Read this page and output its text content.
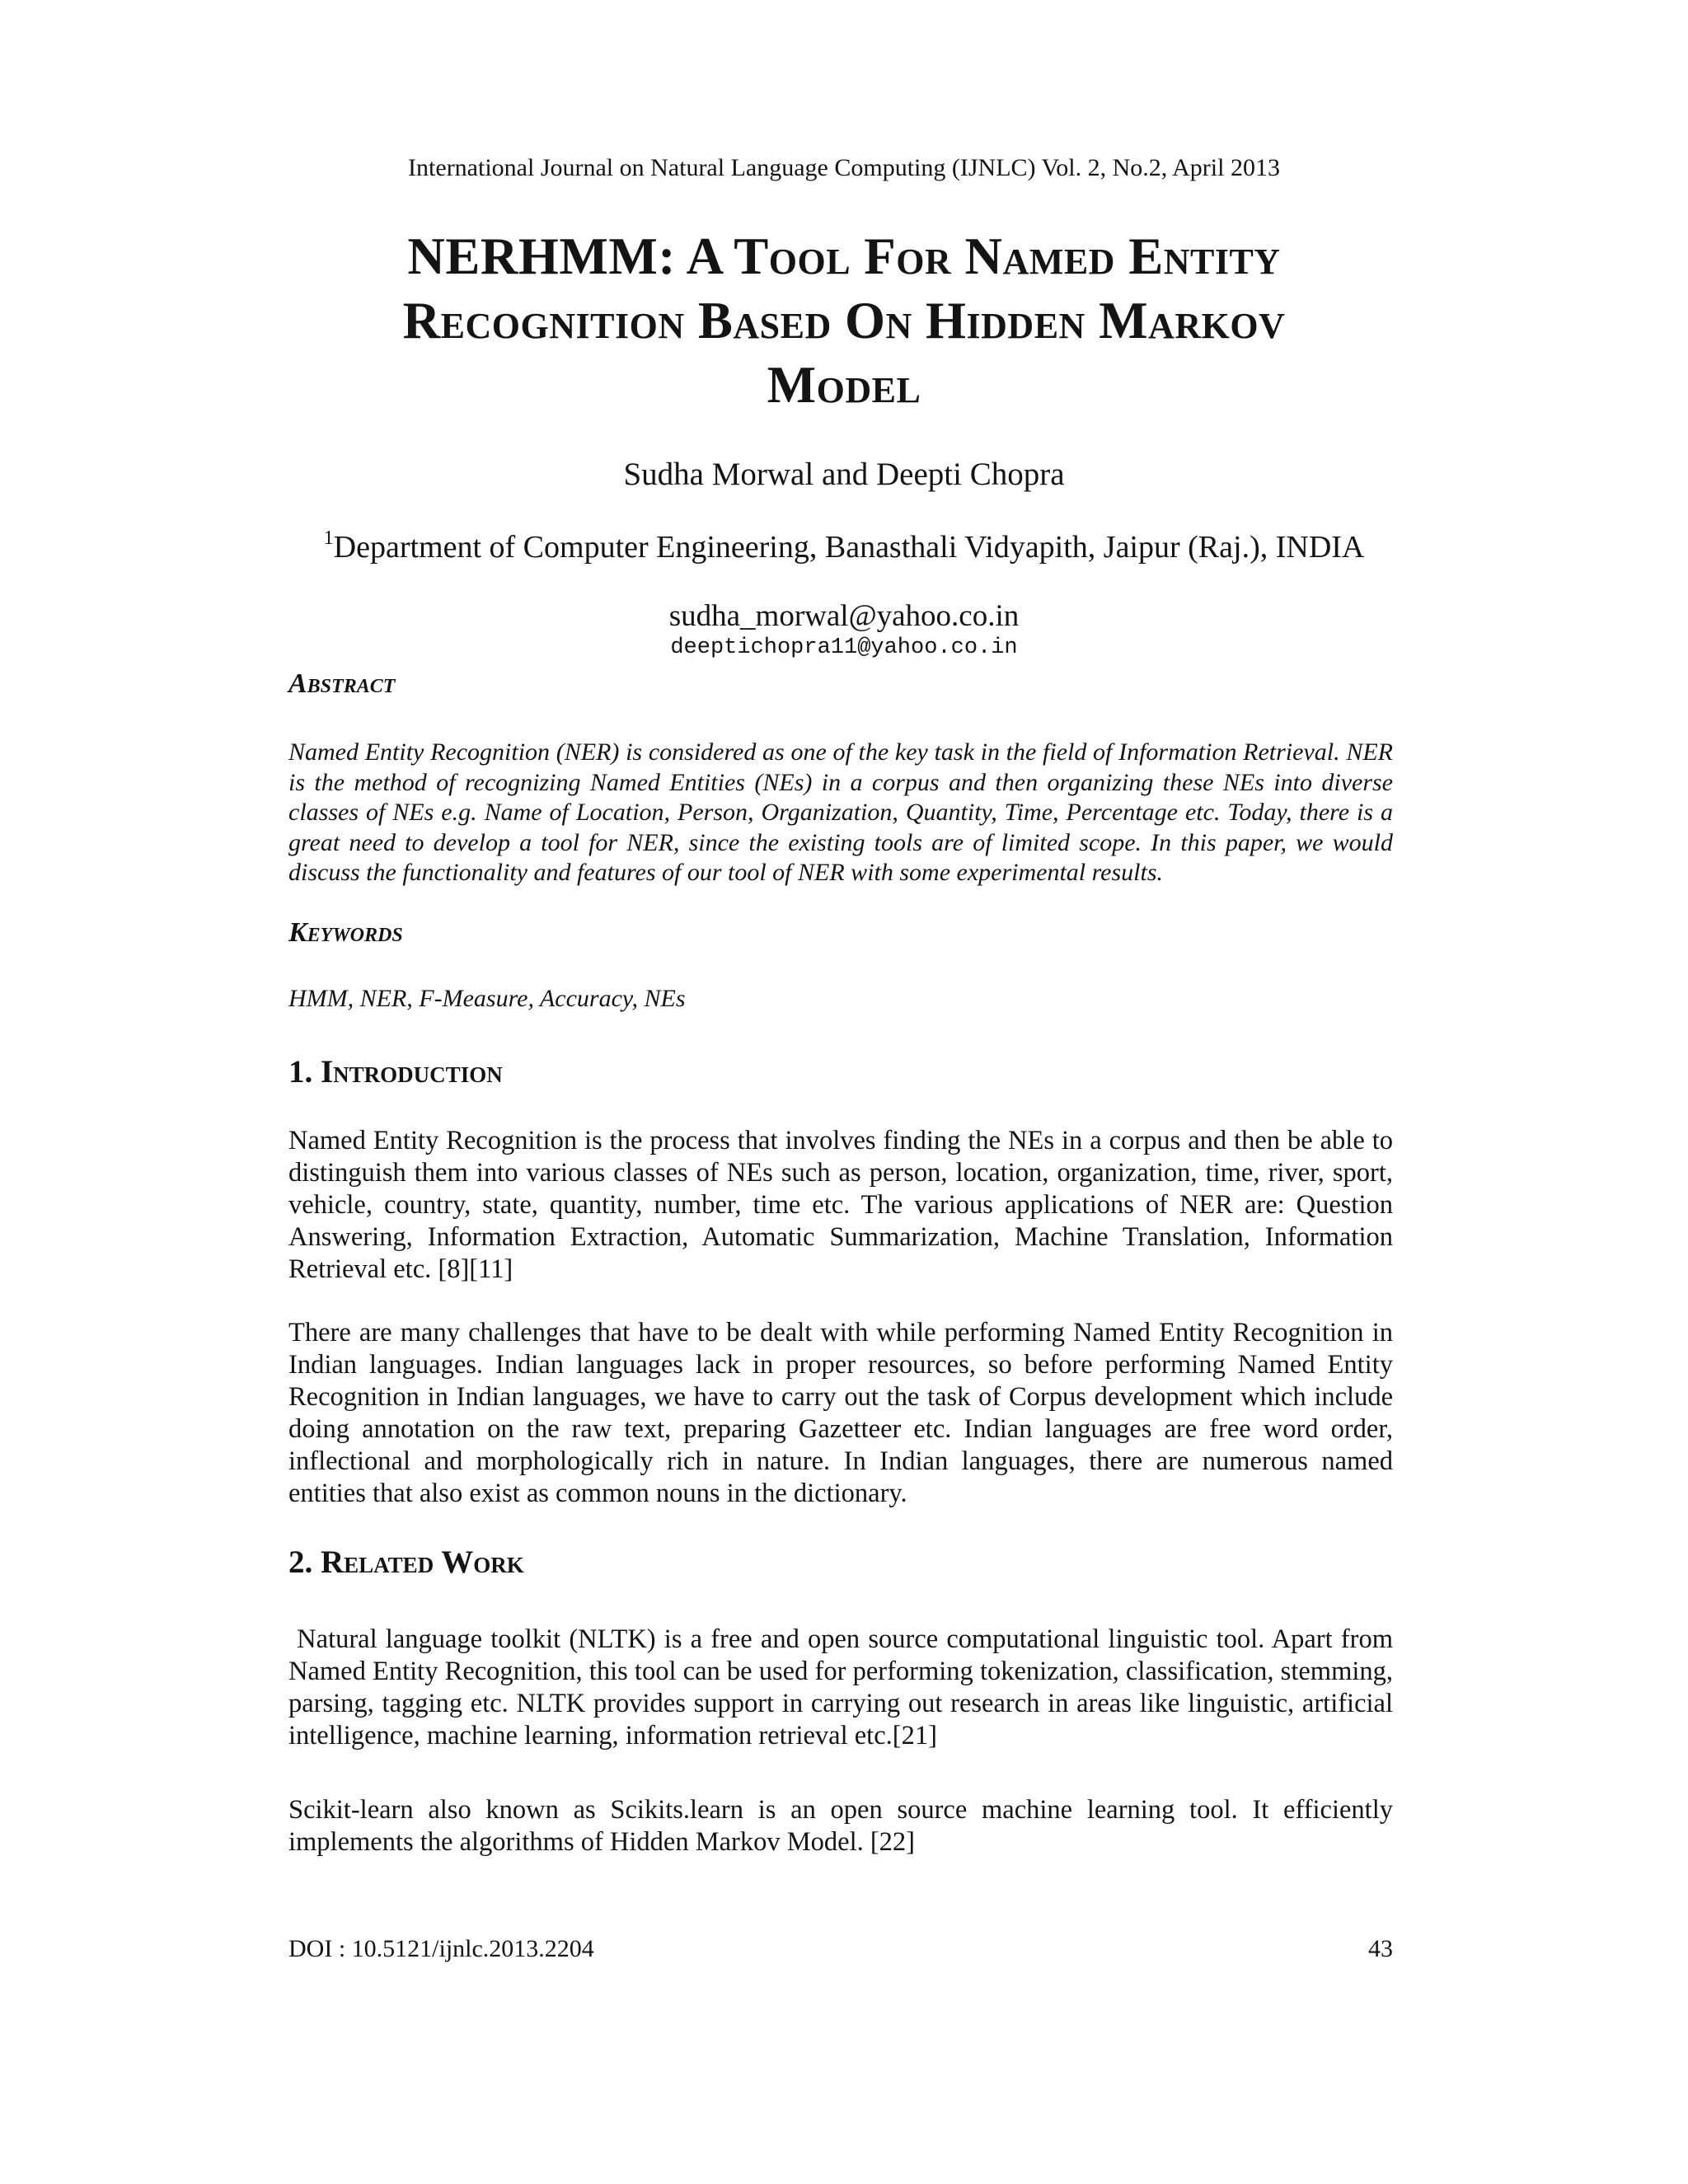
International Journal on Natural Language Computing (IJNLC) Vol. 2, No.2, April 2013
NERHMM: A Tool For Named Entity
Recognition Based On Hidden Markov
Model
Sudha Morwal and Deepti Chopra
$^1$Department of Computer Engineering, Banasthali Vidyapith, Jaipur (Raj.), INDIA
sudha_morwal@yahoo.co.in
deeptichopra11@yahoo.co.in
Abstract
Named Entity Recognition (NER) is considered as one of the key task in the field of Information Retrieval. NER is the method of recognizing Named Entities (NEs) in a corpus and then organizing these NEs into diverse classes of NEs e.g. Name of Location, Person, Organization, Quantity, Time, Percentage etc. Today, there is a great need to develop a tool for NER, since the existing tools are of limited scope. In this paper, we would discuss the functionality and features of our tool of NER with some experimental results.
Keywords
HMM, NER, F-Measure, Accuracy, NEs
1. Introduction
Named Entity Recognition is the process that involves finding the NEs in a corpus and then be able to distinguish them into various classes of NEs such as person, location, organization, time, river, sport, vehicle, country, state, quantity, number, time etc. The various applications of NER are: Question Answering, Information Extraction, Automatic Summarization, Machine Translation, Information Retrieval etc. [8][11]
There are many challenges that have to be dealt with while performing Named Entity Recognition in Indian languages. Indian languages lack in proper resources, so before performing Named Entity Recognition in Indian languages, we have to carry out the task of Corpus development which include doing annotation on the raw text, preparing Gazetteer etc. Indian languages are free word order, inflectional and morphologically rich in nature. In Indian languages, there are numerous named entities that also exist as common nouns in the dictionary.
2. Related Work
Natural language toolkit (NLTK) is a free and open source computational linguistic tool. Apart from Named Entity Recognition, this tool can be used for performing tokenization, classification, stemming, parsing, tagging etc. NLTK provides support in carrying out research in areas like linguistic, artificial intelligence, machine learning, information retrieval etc.[21]
Scikit-learn also known as Scikits.learn is an open source machine learning tool. It efficiently implements the algorithms of Hidden Markov Model. [22]
DOI : 10.5121/ijnlc.2013.2204	43
